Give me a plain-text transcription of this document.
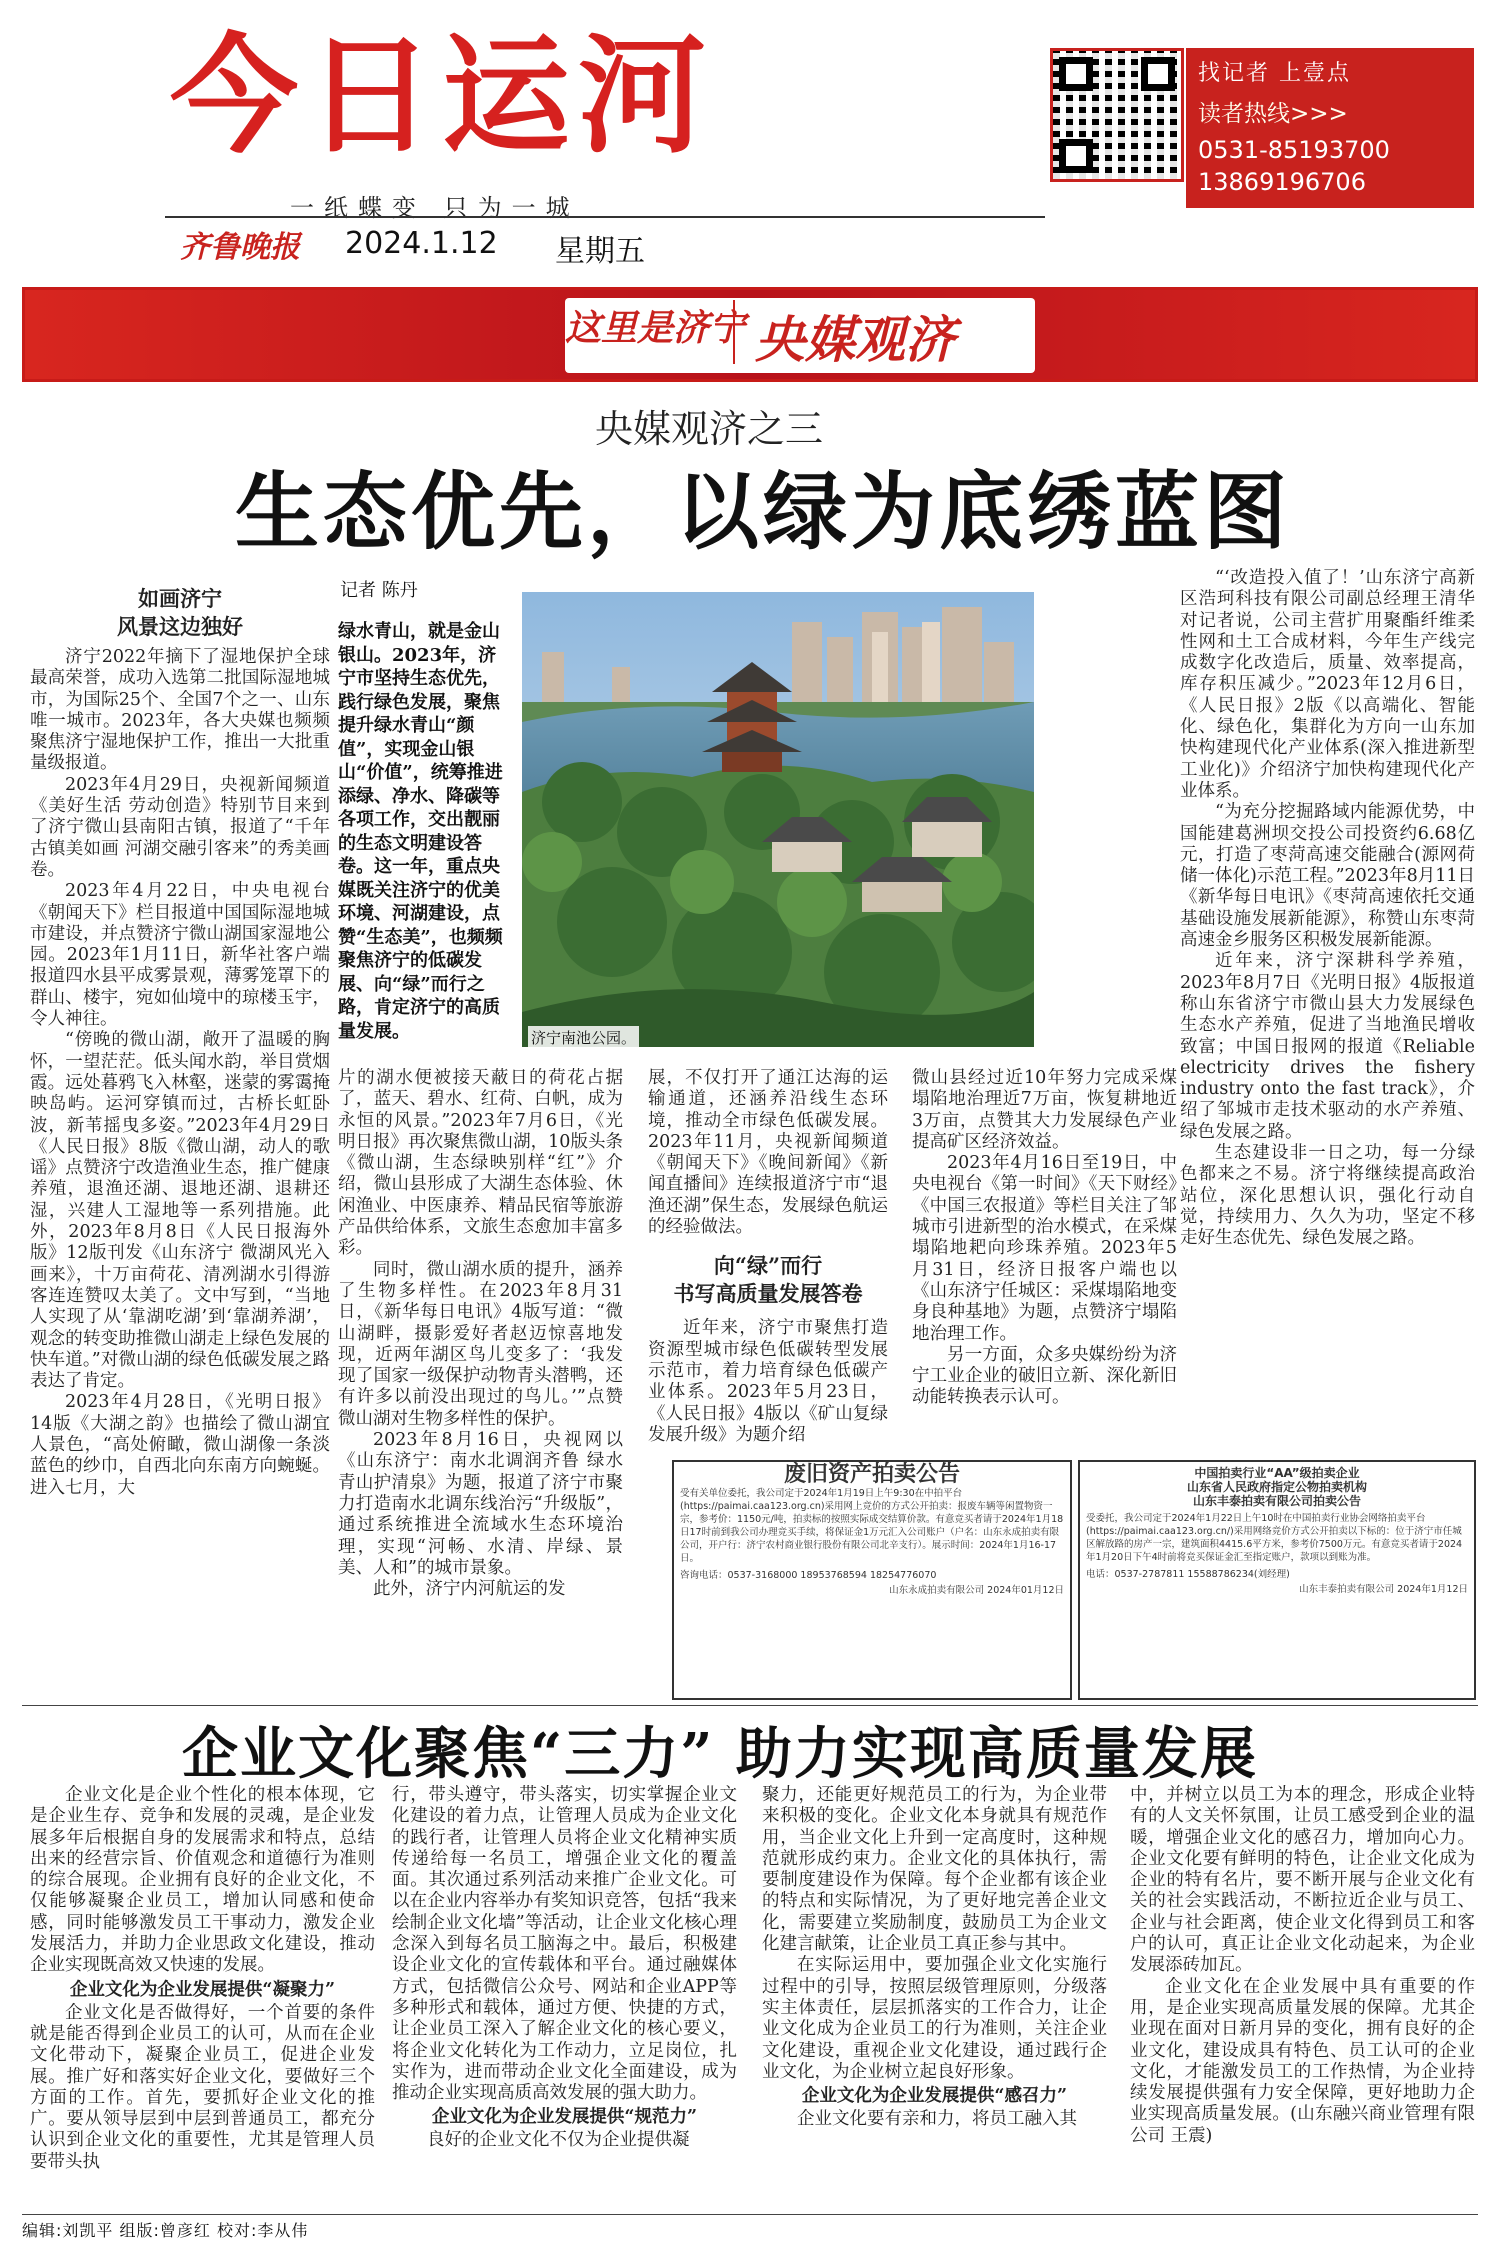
今日运河
一纸蝶变 只为一城
齐鲁晚报 2024.1.12 星期五
找记者 上壹点
读者热线>>>
0531-85193700
13869196706
这里是济宁 央媒观济
央媒观济之三
生态优先，以绿为底绣蓝图
如画济宁
风景这边独好

济宁2022年摘下了湿地保护全球最高荣誉，成功入选第二批国际湿地城市，为国际25个、全国7个之一、山东唯一城市。2023年，各大央媒也频频聚焦济宁湿地保护工作，推出一大批重量级报道。

2023年4月29日，央视新闻频道《美好生活 劳动创造》特别节目来到了济宁微山县南阳古镇，报道了“千年古镇美如画 河湖交融引客来”的秀美画卷。

2023年4月22日，中央电视台《朝闻天下》栏目报道中国国际湿地城市建设，并点赞济宁微山湖国家湿地公园。2023年1月11日，新华社客户端报道四水县平成雾景观，薄雾笼罩下的群山、楼宇，宛如仙境中的琼楼玉宇，令人神往。

“傍晚的微山湖，敞开了温暖的胸怀，一望茫茫。低头闻水韵，举目赏烟霞。远处暮鸦飞入林壑，迷蒙的雾霭掩映岛屿。运河穿镇而过，古桥长虹卧波，新苇摇曳多姿。”2023年4月29日《人民日报》8版《微山湖，动人的歌谣》点赞济宁改造渔业生态，推广健康养殖，退渔还湖、退地还湖、退耕还湿，兴建人工湿地等一系列措施。此外，2023年8月8日《人民日报海外版》12版刊发《山东济宁 微湖风光入画来》，十万亩荷花、清冽湖水引得游客连连赞叹太美了。文中写到，“当地人实现了从‘靠湖吃湖’到‘靠湖养湖’，观念的转变助推微山湖走上绿色发展的快车道。”对微山湖的绿色低碳发展之路表达了肯定。

2023年4月28日，《光明日报》14版《大湖之韵》也描绘了微山湖宜人景色，“高处俯瞰，微山湖像一条淡蓝色的纱巾，自西北向东南方向蜿蜒。进入七月，大

记者 陈丹
绿水青山，就是金山银山。2023年，济宁市坚持生态优先，践行绿色发展，聚焦提升绿水青山“颜值”，实现金山银山“价值”，统筹推进添绿、净水、降碳等各项工作，交出靓丽的生态文明建设答卷。这一年，重点央媒既关注济宁的优美环境、河湖建设，点赞“生态美”，也频频聚焦济宁的低碳发展、向“绿”而行之路，肯定济宁的高质量发展。	济宁南池公园。

片的湖水便被接天蔽日的荷花占据了，蓝天、碧水、红荷、白帆，成为永恒的风景。”2023年7月6日，《光明日报》再次聚焦微山湖，10版头条《微山湖，生态绿映别样“红”》介绍，微山县形成了大湖生态体验、休闲渔业、中医康养、精品民宿等旅游产品供给体系，文旅生态愈加丰富多彩。

同时，微山湖水质的提升，涵养了生物多样性。在2023年8月31日，《新华每日电讯》4版写道：“微山湖畔，摄影爱好者赵迈惊喜地发现，近两年湖区鸟儿变多了：‘我发现了国家一级保护动物青头潜鸭，还有许多以前没出现过的鸟儿。’”点赞微山湖对生物多样性的保护。

2023年8月16日，央视网以《山东济宁：南水北调润齐鲁 绿水青山护清泉》为题，报道了济宁市聚力打造南水北调东线治污“升级版”，通过系统推进全流域水生态环境治理，实现“河畅、水清、岸绿、景美、人和”的城市景象。

此外，济宁内河航运的发

展，不仅打开了通江达海的运输通道，还涵养沿线生态环境，推动全市绿色低碳发展。2023年11月，央视新闻频道《朝闻天下》《晚间新闻》《新闻直播间》连续报道济宁市“退渔还湖”保生态，发展绿色航运的经验做法。

向“绿”而行
书写高质量发展答卷

近年来，济宁市聚焦打造资源型城市绿色低碳转型发展示范市，着力培育绿色低碳产业体系。2023年5月23日，《人民日报》4版以《矿山复绿 发展升级》为题介绍

微山县经过近10年努力完成采煤塌陷地治理近7万亩，恢复耕地近3万亩，点赞其大力发展绿色产业提高矿区经济效益。

2023年4月16日至19日，中央电视台《第一时间》《天下财经》《中国三农报道》等栏目关注了邹城市引进新型的治水模式，在采煤塌陷地耙向珍珠养殖。2023年5月31日，经济日报客户端也以《山东济宁任城区：采煤塌陷地变身良种基地》为题，点赞济宁塌陷地治理工作。

另一方面，众多央媒纷纷为济宁工业企业的破旧立新、深化新旧动能转换表示认可。

“‘改造投入值了！’山东济宁高新区浩珂科技有限公司副总经理王清华对记者说，公司主营扩用聚酯纤维柔性网和土工合成材料，今年生产线完成数字化改造后，质量、效率提高，库存积压减少。”2023年12月6日，《人民日报》2版《以高端化、智能化、绿色化，集群化为方向一山东加快构建现代化产业体系(深入推进新型工业化)》介绍济宁加快构建现代化产业体系。

“为充分挖掘路域内能源优势，中国能建葛洲坝交投公司投资约6.68亿元，打造了枣菏高速交能融合(源网荷储一体化)示范工程。”2023年8月11日《新华每日电讯》《枣菏高速依托交通基础设施发展新能源》，称赞山东枣菏高速金乡服务区积极发展新能源。

近年来，济宁深耕科学养殖，2023年8月7日《光明日报》4版报道称山东省济宁市微山县大力发展绿色生态水产养殖，促进了当地渔民增收致富；中国日报网的报道《Reliable electricity drives the fishery industry onto the fast track》，介绍了邹城市走技术驱动的水产养殖、绿色发展之路。

生态建设非一日之功，每一分绿色都来之不易。济宁将继续提高政治站位，深化思想认识，强化行动自觉，持续用力、久久为功，坚定不移走好生态优先、绿色发展之路。

废旧资产拍卖公告

受有关单位委托，我公司定于2024年1月19日上午9:30在中拍平台(https://paimai.caa123.org.cn)采用网上竞价的方式公开拍卖：报废车辆等闲置物资一宗，参考价：1150元/吨，拍卖标的按照实际成交结算价款。有意竞买者请于2024年1月18日17时前到我公司办理竞买手续，将保证金1万元汇入公司账户（户名：山东永成拍卖有限公司，开户行：济宁农村商业银行股份有限公司北辛支行）。展示时间：2024年1月16-17日。

咨询电话：0537-3168000 18953768594 18254776070

山东永成拍卖有限公司 2024年01月12日

中国拍卖行业“AA”级拍卖企业
山东省人民政府指定公物拍卖机构
山东丰泰拍卖有限公司拍卖公告

受委托，我公司定于2024年1月22日上午10时在中国拍卖行业协会网络拍卖平台(https://paimai.caa123.org.cn/)采用网络竞价方式公开拍卖以下标的：位于济宁市任城区解放路的房产一宗，建筑面积4415.6平方米，参考价7500万元。有意竞买者请于2024年1月20日下午4时前将竞买保证金汇至指定账户，款项以到账为准。

电话：0537-2787811 15588786234(刘经理)

山东丰泰拍卖有限公司 2024年1月12日

企业文化聚焦“三力” 助力实现高质量发展

企业文化是企业个性化的根本体现，它是企业生存、竞争和发展的灵魂，是企业发展多年后根据自身的发展需求和特点，总结出来的经营宗旨、价值观念和道德行为准则的综合展现。企业拥有良好的企业文化，不仅能够凝聚企业员工，增加认同感和使命感，同时能够激发员工干事动力，激发企业发展活力，并助力企业思政文化建设，推动企业实现既高效又快速的发展。

企业文化为企业发展提供“凝聚力”

企业文化是否做得好，一个首要的条件就是能否得到企业员工的认可，从而在企业文化带动下，凝聚企业员工，促进企业发展。推广好和落实好企业文化，要做好三个方面的工作。首先，要抓好企业文化的推广。要从领导层到中层到普通员工，都充分认识到企业文化的重要性，尤其是管理人员要带头执

行，带头遵守，带头落实，切实掌握企业文化建设的着力点，让管理人员成为企业文化的践行者，让管理人员将企业文化精神实质传递给每一名员工，增强企业文化的覆盖面。其次通过系列活动来推广企业文化。可以在企业内容举办有奖知识竞答，包括“我来绘制企业文化墙”等活动，让企业文化核心理念深入到每名员工脑海之中。最后，积极建设企业文化的宣传载体和平台。通过融媒体方式，包括微信公众号、网站和企业APP等多种形式和载体，通过方便、快捷的方式，让企业员工深入了解企业文化的核心要义，将企业文化转化为工作动力，立足岗位，扎实作为，进而带动企业文化全面建设，成为推动企业实现高质高效发展的强大助力。

企业文化为企业发展提供“规范力”

良好的企业文化不仅为企业提供凝

聚力，还能更好规范员工的行为，为企业带来积极的变化。企业文化本身就具有规范作用，当企业文化上升到一定高度时，这种规范就形成约束力。企业文化的具体执行，需要制度建设作为保障。每个企业都有该企业的特点和实际情况，为了更好地完善企业文化，需要建立奖励制度，鼓励员工为企业文化建言献策，让企业员工真正参与其中。

在实际运用中，要加强企业文化实施行过程中的引导，按照层级管理原则，分级落实主体责任，层层抓落实的工作合力，让企业文化成为企业员工的行为准则，关注企业文化建设，重视企业文化建设，通过践行企业文化，为企业树立起良好形象。

企业文化为企业发展提供“感召力”

企业文化要有亲和力，将员工融入其

中，并树立以员工为本的理念，形成企业特有的人文关怀氛围，让员工感受到企业的温暖，增强企业文化的感召力，增加向心力。企业文化要有鲜明的特色，让企业文化成为企业的特有名片，要不断开展与企业文化有关的社会实践活动，不断拉近企业与员工、企业与社会距离，使企业文化得到员工和客户的认可，真正让企业文化动起来，为企业发展添砖加瓦。

企业文化在企业发展中具有重要的作用，是企业实现高质量发展的保障。尤其企业现在面对日新月异的变化，拥有良好的企业文化，建设成具有特色、员工认可的企业文化，才能激发员工的工作热情，为企业持续发展提供强有力安全保障，更好地助力企业实现高质量发展。(山东融兴商业管理有限公司 王震)

编辑:刘凯平 组版:曾彦红 校对:李从伟
